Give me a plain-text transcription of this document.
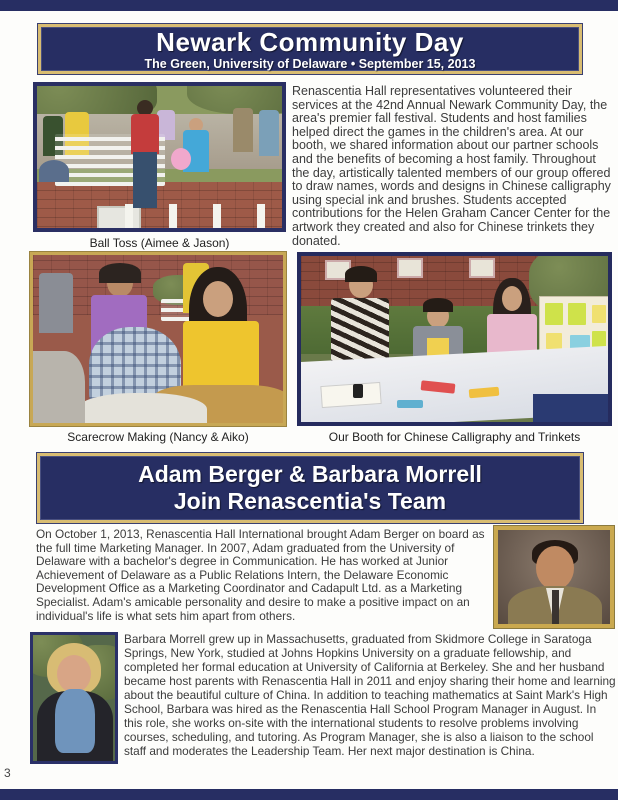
3
Newark Community Day
The Green, University of Delaware • September 15, 2013
Ball Toss (Aimee & Jason)
Renascentia Hall representatives volunteered their services at the 42nd Annual Newark Community Day, the area's premier fall festival. Students and host families helped direct the games in the children's area. At our booth, we shared information about our partner schools and the benefits of becoming a host family. Throughout the day, artistically talented members of our group offered to draw names, words and designs in Chinese calligraphy using special ink and brushes. Students accepted contributions for the Helen Graham Cancer Center for the artwork they created and also for Chinese trinkets they donated.
Scarecrow Making (Nancy & Aiko)	Our Booth for Chinese Calligraphy and Trinkets
Adam Berger & Barbara Morrell
Join Renascentia's Team
On October 1, 2013, Renascentia Hall International brought Adam Berger on board as the full time Marketing Manager. In 2007, Adam graduated from the University of Delaware with a bachelor's degree in Communication. He has worked at Junior Achievement of Delaware as a Public Relations Intern, the Delaware Economic Development Office as a Marketing Coordinator and Cadapult Ltd. as a Marketing Specialist. Adam's amicable personality and desire to make a positive impact on an individual's life is what sets him apart from others.
Barbara Morrell grew up in Massachusetts, graduated from Skidmore College in Saratoga Springs, New York, studied at Johns Hopkins University on a graduate fellowship, and completed her formal education at University of California at Berkeley. She and her husband became host parents with Renascentia Hall in 2011 and enjoy sharing their home and learning about the beautiful culture of China. In addition to teaching mathematics at Saint Mark's High School, Barbara was hired as the Renascentia Hall School Program Manager in August. In this role, she works on-site with the international students to resolve problems involving courses, scheduling, and tutoring. As Program Manager, she is also a liaison to the school staff and moderates the Leadership Team. Her next major destination is China.
